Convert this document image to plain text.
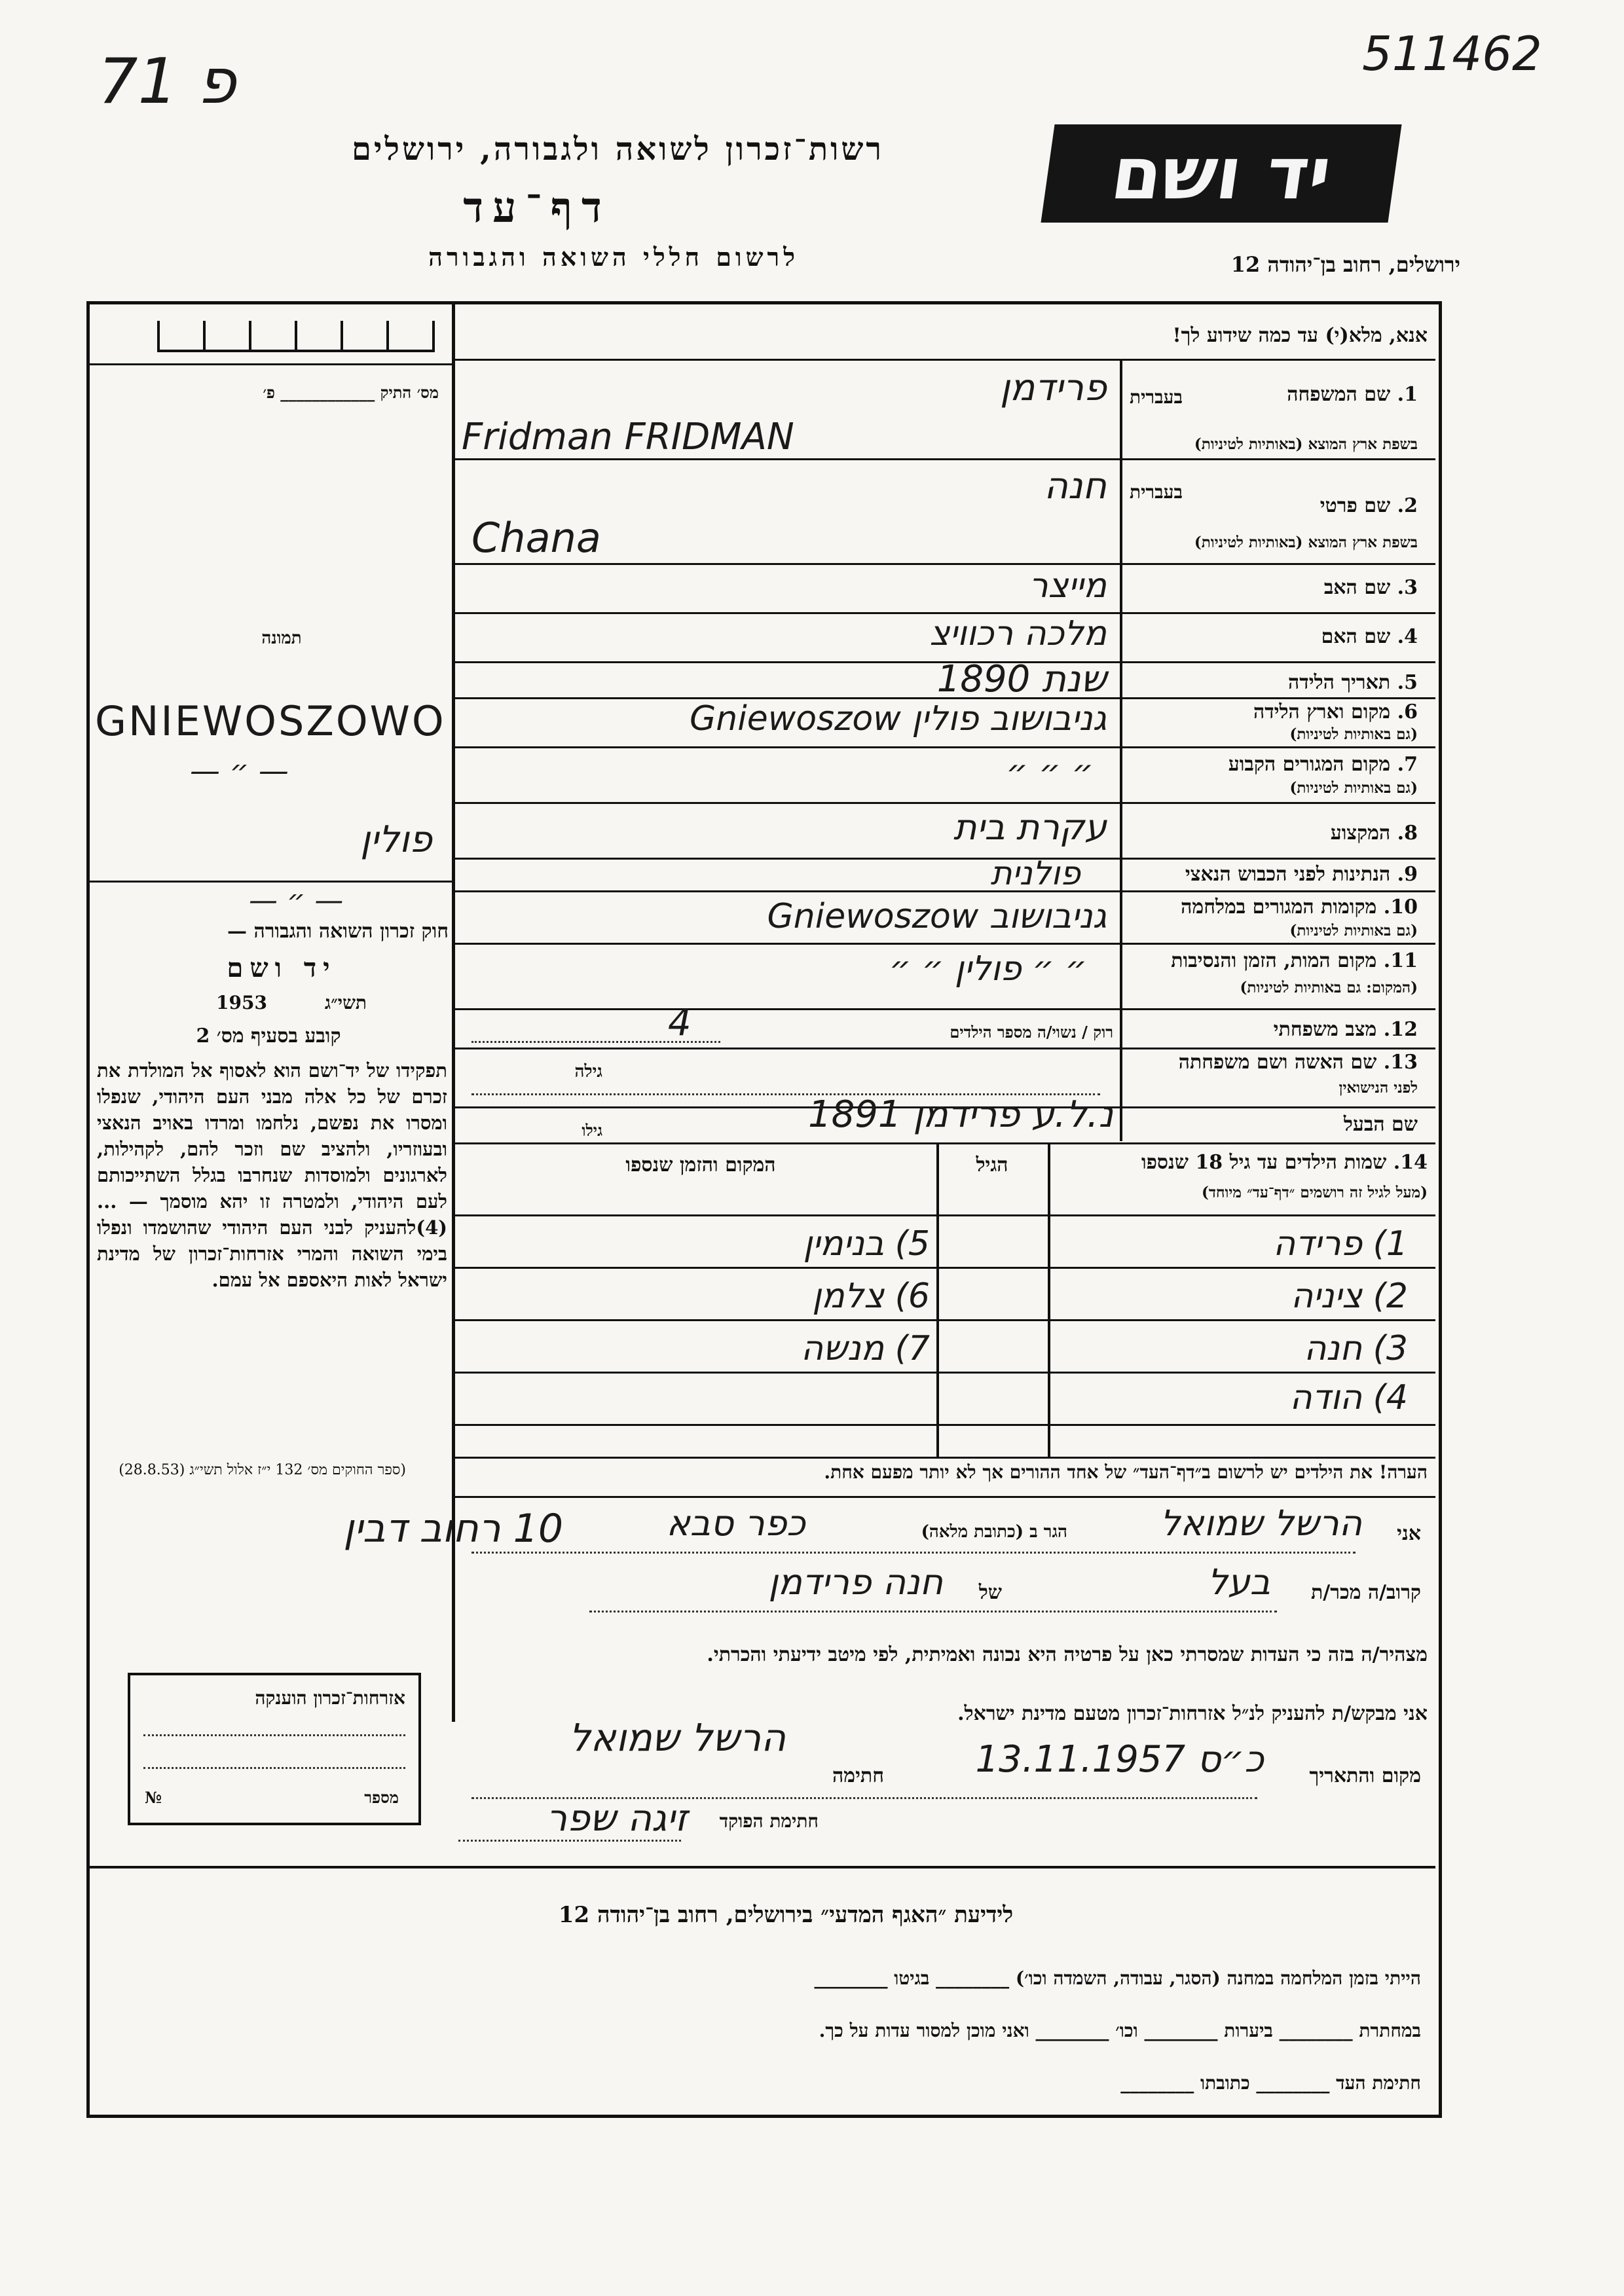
71 פ	511462
רשות־זכרון לשואה ולגבורה, ירושלים
דף־עד
לרשום חללי השואה והגבורה
יד ושם
ירושלים, רחוב בן־יהודה 12
אנא, מלא(י) עד כמה שידוע לך!
מס׳ התיק ____________ פ׳
תמונה
GNIEWOSZOWO
— ״ —
פולין
— ״ —
חוק זכרון השואה והגבורה —
יד ושם
1953	תשי״ג
קובע בסעיף מס׳ 2
תפקידו של יד־ושם הוא לאסוף אל המולדת את זכרם של כל אלה מבני העם היהודי, שנפלו ומסרו את נפשם, נלחמו ומרדו באויב הנאצי ובעוזריו, ולהציב שם וזכר להם, לקהילות, לארגונים ולמוסדות שנחרבו בגלל השתייכותם לעם היהודי, ולמטרה זו יהא מוסמך — ...(4)להעניק לבני העם היהודי שהושמדו ונפלו בימי השואה והמרי אזרחות־זכרון של מדינת ישראל לאות היאספם אל עמם.
(ספר החוקים מס׳ 132 י״ז אלול תשי״ג (28.8.53)
אזרחות־זכרון הוענקה
№	מספר
1. שם המשפחה
בשפת ארץ המוצא (באותיות לטיניות)
בעברית
פרידמן
Fridman FRIDMAN
2. שם פרטי
בשפת ארץ המוצא (באותיות לטיניות)
בעברית
חנה
Chana
3. שם האב
מייצר
4. שם האם
מלכה רכוויצ
5. תאריך הלידה
שנת 1890
6. מקום וארץ הלידה
(גם באותיות לטיניות)
גניבושוב פולין Gniewoszow
7. מקום המגורים הקבוע
(גם באותיות לטיניות)
״ ״ ״
8. המקצוע
עקרת בית
9. הנתינות לפני הכבוש הנאצי
פולנית
10. מקומות המגורים במלחמה
(גם באותיות לטיניות)
גניבושוב Gniewoszow
11. מקום המות, הזמן והנסיבות
(המקום: גם באותיות לטיניות)
״ ״ פולין ״ ״
12. מצב משפחתי
רוק / נשוי/ה מספר הילדים
4
13. שם האשה ושם משפחתה
לפני הנישואין
גילה
שם הבעל
גילו	נ.ל.ע פרידמן 1891
14. שמות הילדים עד גיל 18 שנספו
(מעל לגיל זה רושמים ״דף־עד״ מיוחד)
הגיל
המקום והזמן שנספו
1) פרידה
2) ציניה
3) חנה
4) הודה
5) בנימין
6) צלמן
7) מנשה
הערה! את הילדים יש לרשום ב״דף־העד״ של אחד ההורים אך לא יותר מפעם אחת.
אני
הרשל שמואל
הגר ב (כתובת מלאה)
כפר סבא
10 רחוב דבין
קרוב/ה מכר/ת
בעל
של
חנה פרידמן
מצהיר/ה בזה כי העדות שמסרתי כאן על פרטיה היא נכונה ואמיתית, לפי מיטב ידיעתי והכרתי.
אני מבקש/ת להעניק לנ״ל אזרחות־זכרון מטעם מדינת ישראל.
מקום והתאריך
כ״ס 13.11.1957
חתימה
הרשל שמואל
חתימת הפוקד
זיגה שפר
לידיעת ״האגף המדעי״ בירושלים, רחוב בן־יהודה 12
הייתי בזמן המלחמה במחנה (הסגר, עבודה, השמדה וכו׳) ________ בגיטו ________
במחתרת ________ ביערות ________ וכו׳ ________ ואני מוכן למסור עדות על כך.
חתימת העד ________ כתובתו ________
